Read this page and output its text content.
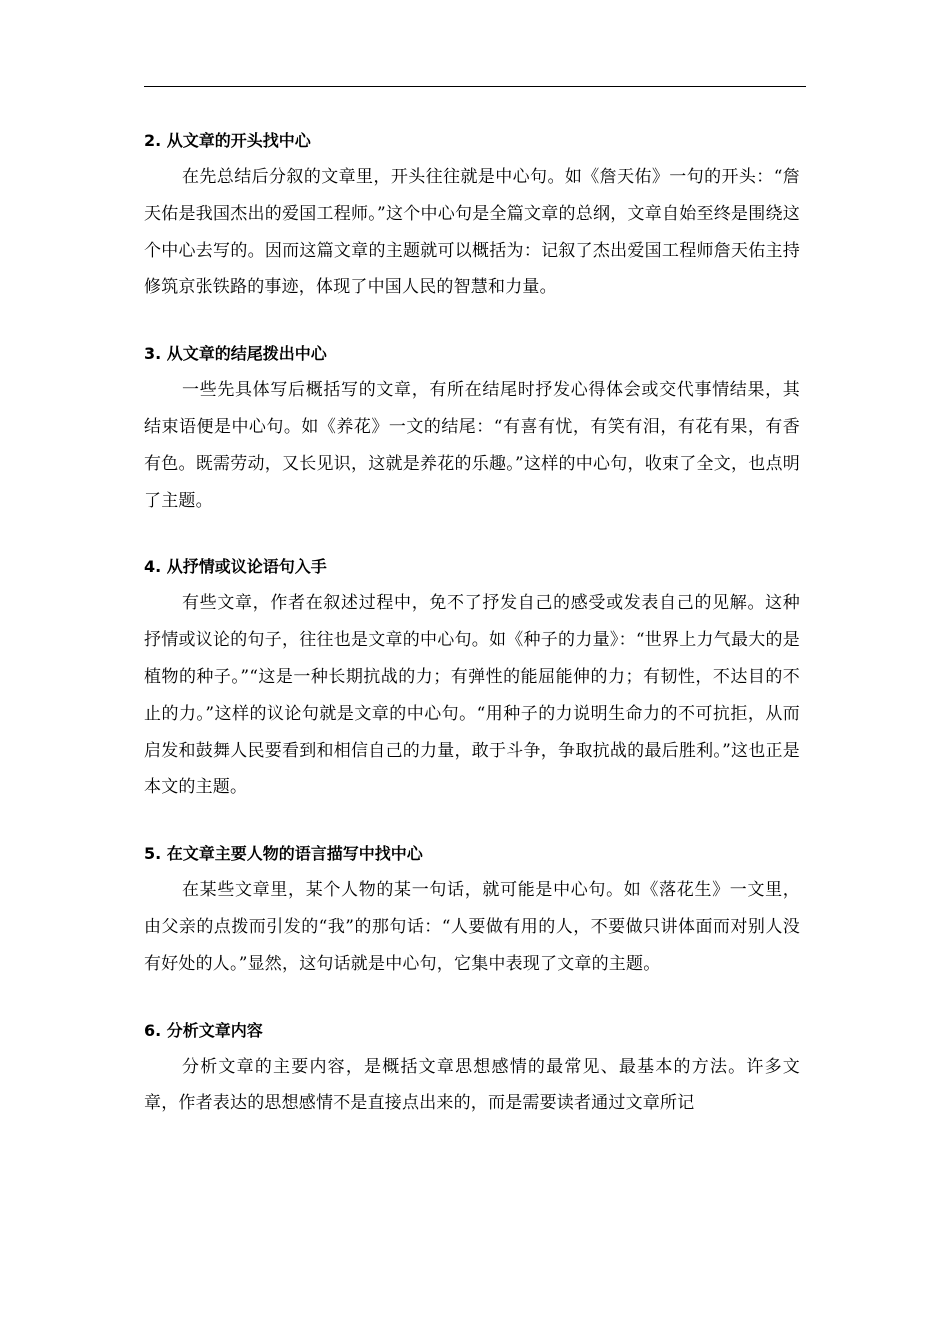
2. 从文章的开头找中心

在先总结后分叙的文章里，开头往往就是中心句。如《詹天佑》一句的开头：“詹天佑是我国杰出的爱国工程师。”这个中心句是全篇文章的总纲，文章自始至终是围绕这个中心去写的。因而这篇文章的主题就可以概括为：记叙了杰出爱国工程师詹天佑主持修筑京张铁路的事迹，体现了中国人民的智慧和力量。

3. 从文章的结尾拨出中心

一些先具体写后概括写的文章，有所在结尾时抒发心得体会或交代事情结果，其结束语便是中心句。如《养花》一文的结尾：“有喜有忧，有笑有泪，有花有果，有香有色。既需劳动，又长见识，这就是养花的乐趣。”这样的中心句，收束了全文，也点明了主题。

4. 从抒情或议论语句入手

有些文章，作者在叙述过程中，免不了抒发自己的感受或发表自己的见解。这种抒情或议论的句子，往往也是文章的中心句。如《种子的力量》：“世界上力气最大的是植物的种子。”“这是一种长期抗战的力；有弹性的能屈能伸的力；有韧性，不达目的不止的力。”这样的议论句就是文章的中心句。“用种子的力说明生命力的不可抗拒，从而启发和鼓舞人民要看到和相信自己的力量，敢于斗争，争取抗战的最后胜利。”这也正是本文的主题。

5. 在文章主要人物的语言描写中找中心

在某些文章里，某个人物的某一句话，就可能是中心句。如《落花生》一文里，由父亲的点拨而引发的“我”的那句话：“人要做有用的人，不要做只讲体面而对别人没有好处的人。”显然，这句话就是中心句，它集中表现了文章的主题。

6. 分析文章内容

分析文章的主要内容，是概括文章思想感情的最常见、最基本的方法。许多文章，作者表达的思想感情不是直接点出来的，而是需要读者通过文章所记
